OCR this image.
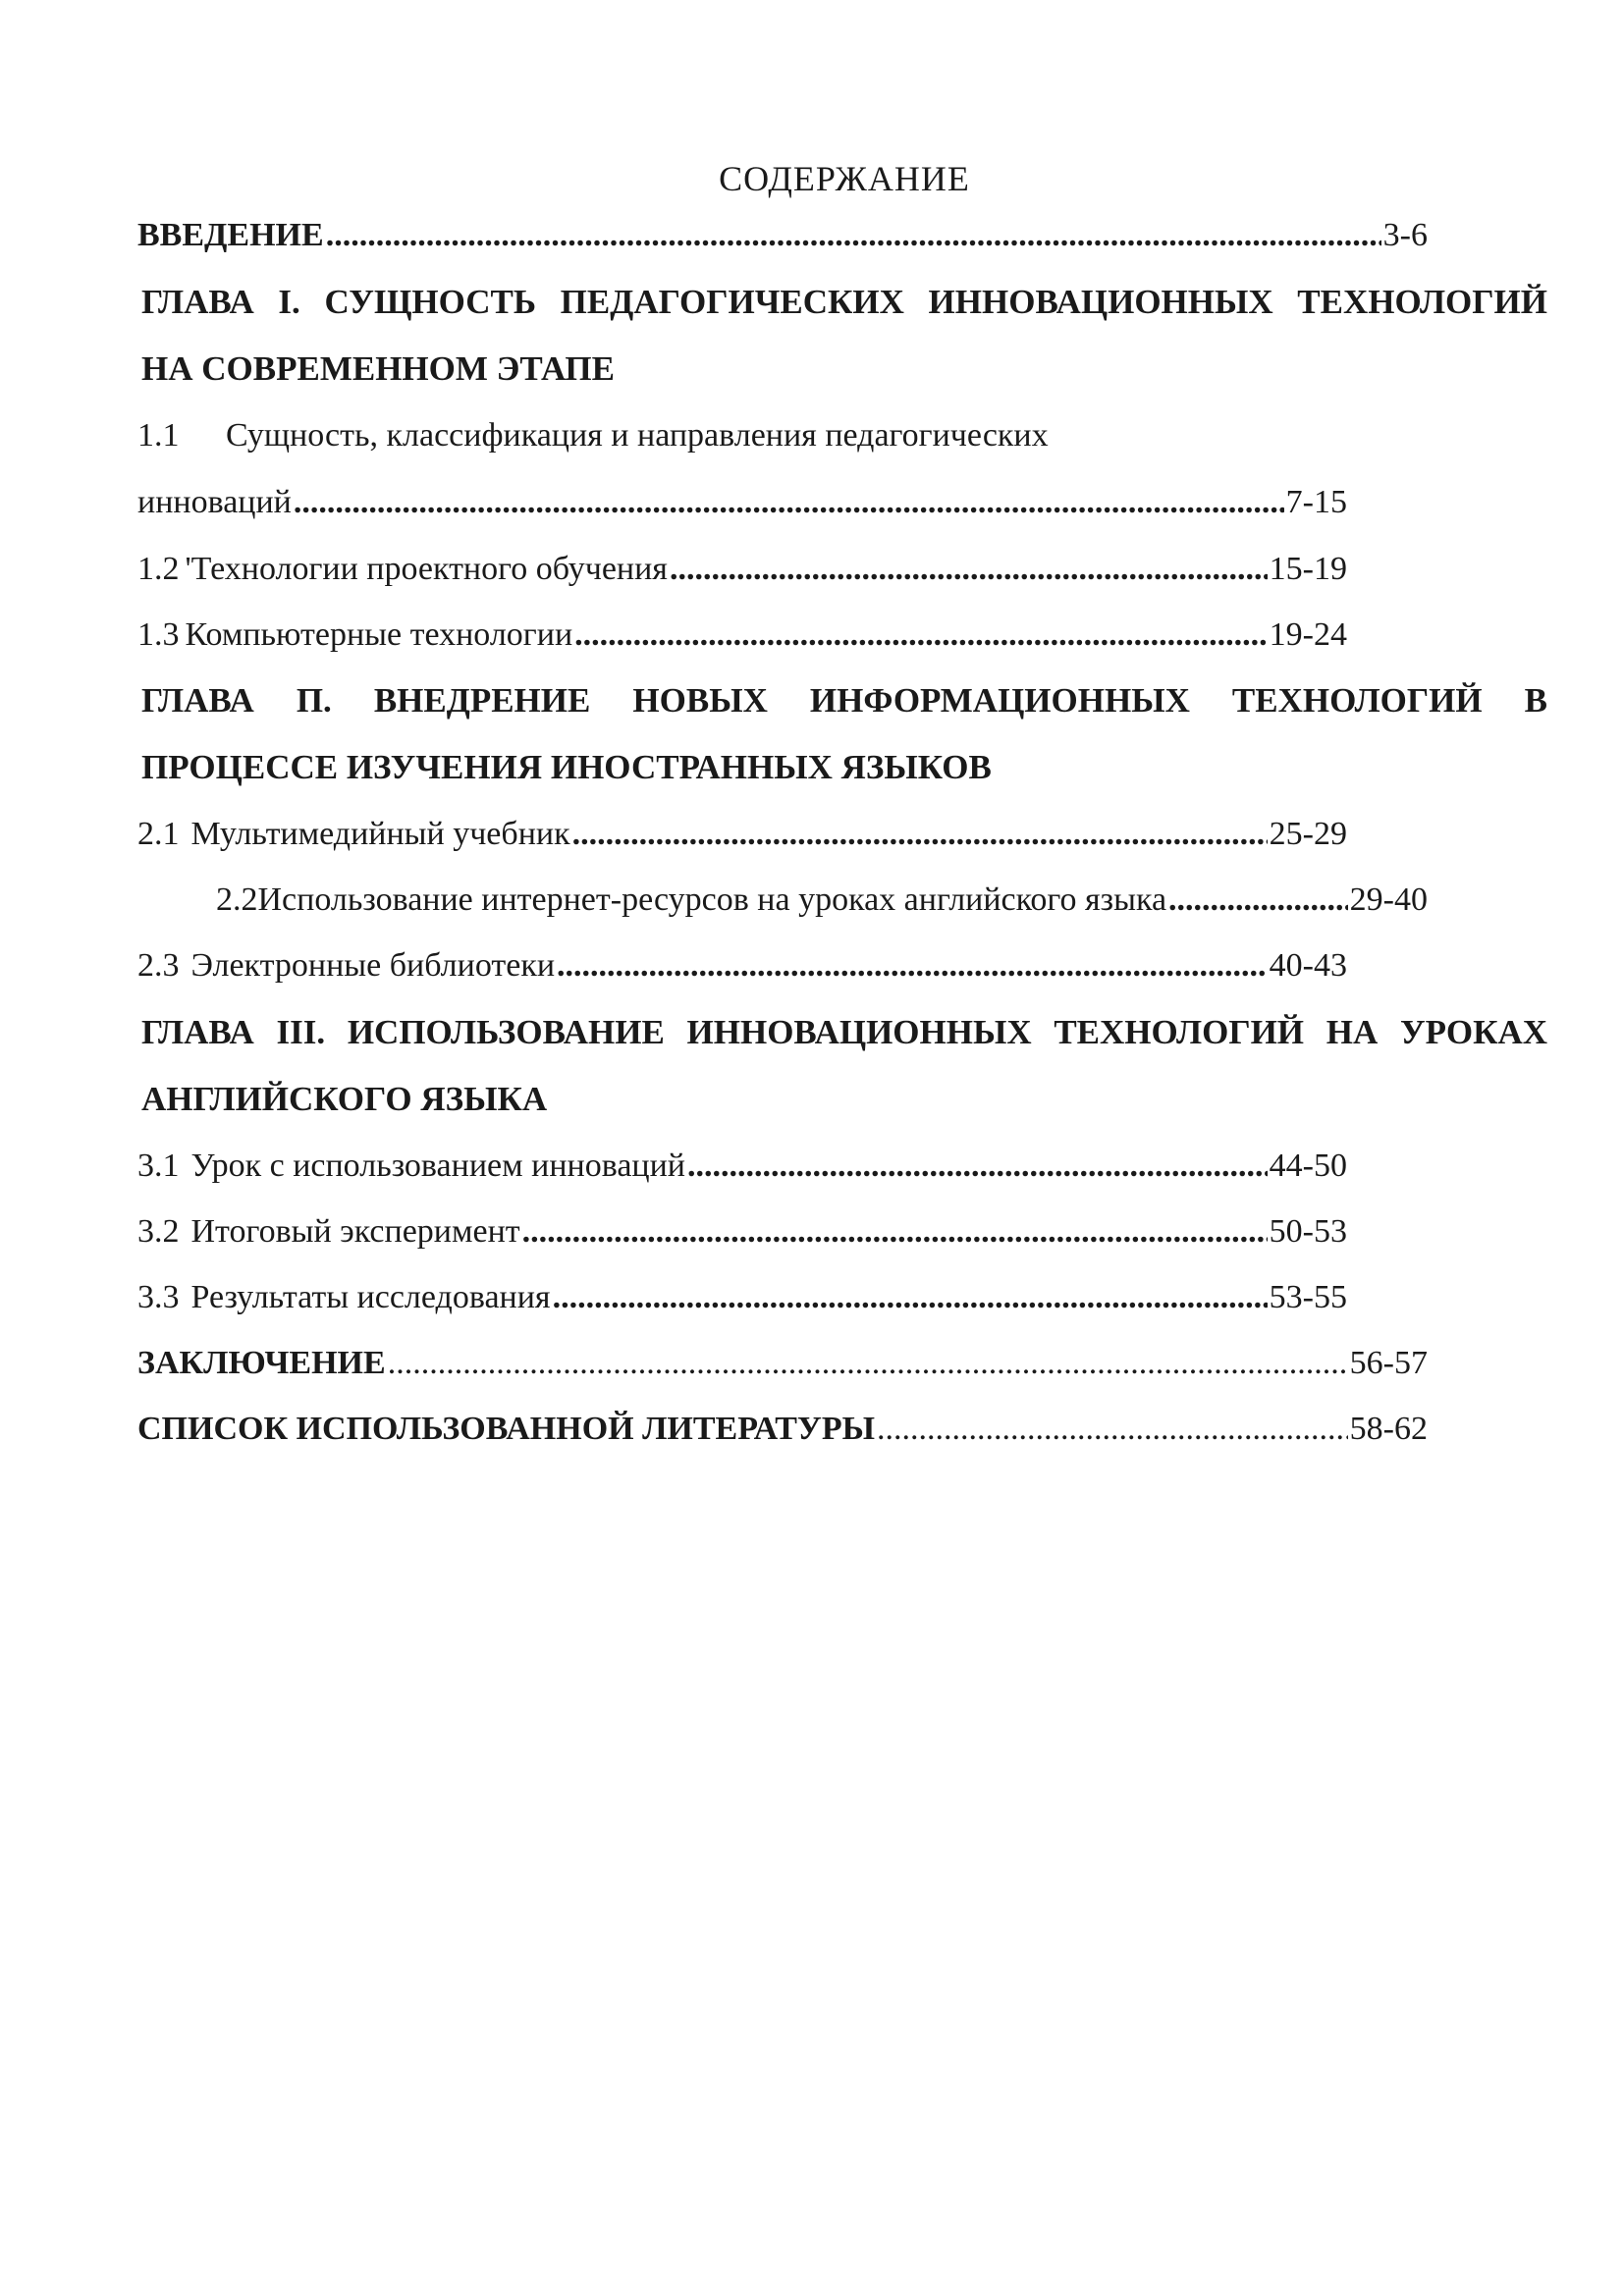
СОДЕРЖАНИЕ
ВВЕДЕНИЕ .....	3-6
ГЛАВА I. СУЩНОСТЬ ПЕДАГОГИЧЕСКИХ ИННОВАЦИОННЫХ ТЕХНОЛОГИЙ
НА СОВРЕМЕННОМ ЭТАПЕ
1.1 Сущность, классификация и направления педагогических
инноваций .....	7-15
1.2 'Технологии проектного обучения .....	15-19
1.3 Компьютерные технологии .....	19-24
ГЛАВА П. ВНЕДРЕНИЕ НОВЫХ ИНФОРМАЦИОННЫХ ТЕХНОЛОГИЙ В
ПРОЦЕССЕ ИЗУЧЕНИЯ ИНОСТРАННЫХ ЯЗЫКОВ
2.1 Мультимедийный учебник .....	25-29
2.2 Использование интернет-ресурсов на уроках английского языка .....	29-40
2.3 Электронные библиотеки .....	40-43
ГЛАВА III. ИСПОЛЬЗОВАНИЕ ИННОВАЦИОННЫХ ТЕХНОЛОГИЙ НА УРОКАХ
АНГЛИЙСКОГО ЯЗЫКА
3.1 Урок с использованием инноваций .....	44-50
3.2 Итоговый эксперимент .....	50-53
3.3 Результаты исследования .....	53-55
ЗАКЛЮЧЕНИЕ .....	56-57
СПИСОК ИСПОЛЬЗОВАННОЙ ЛИТЕРАТУРЫ .....	58-62
